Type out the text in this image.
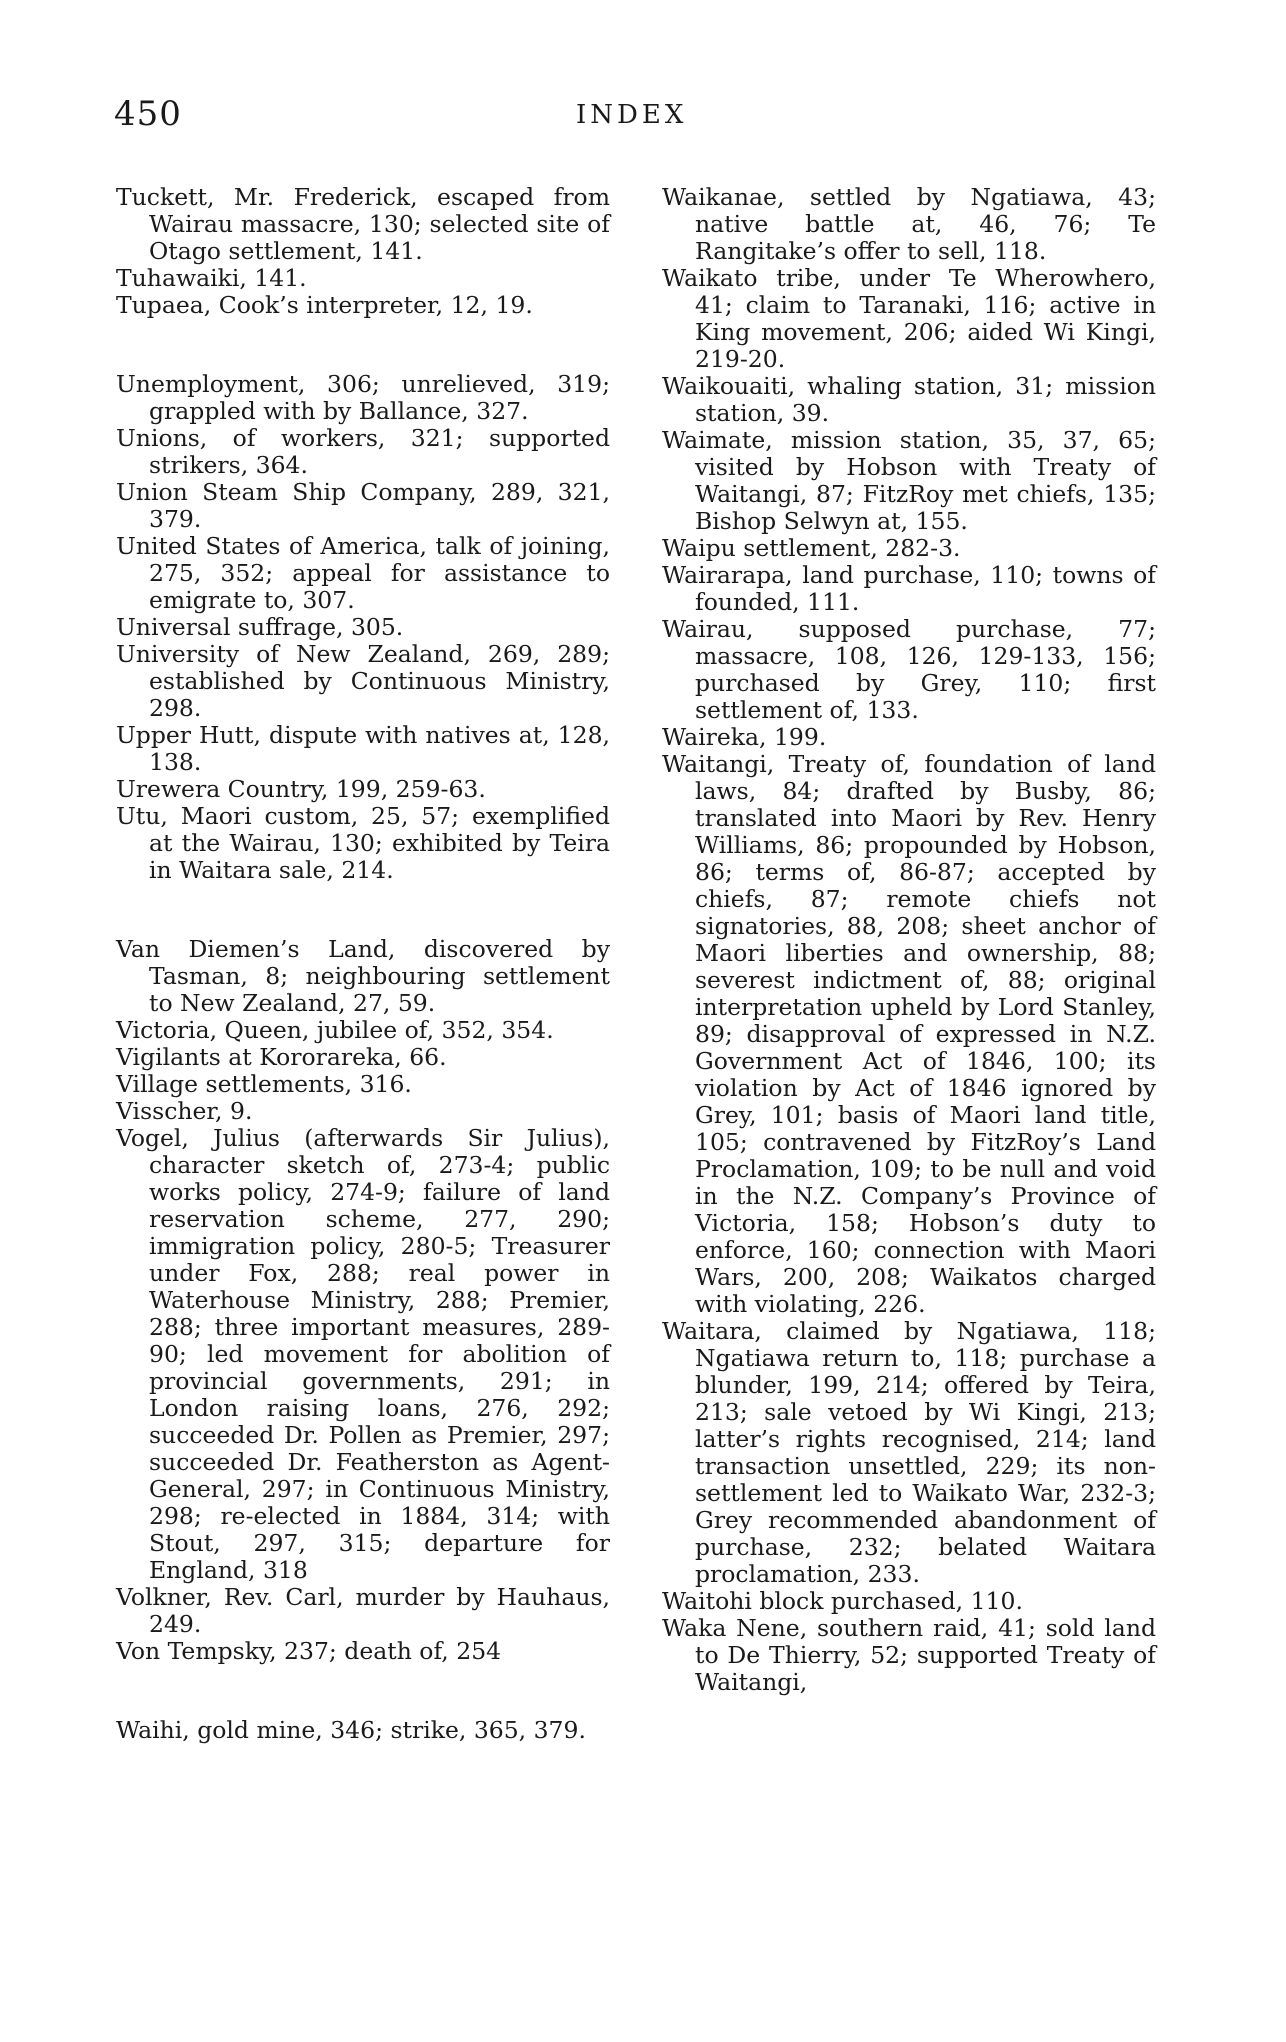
450	INDEX

Tuckett, Mr. Frederick, escaped from Wairau massacre, 130; selected site of Otago settlement, 141.

Tuhawaiki, 141.

Tupaea, Cook’s interpreter, 12, 19.

Unemployment, 306; unrelieved, 319; grappled with by Ballance, 327.

Unions, of workers, 321; supported strikers, 364.

Union Steam Ship Company, 289, 321, 379.

United States of America, talk of joining, 275, 352; appeal for assistance to emigrate to, 307.

Universal suffrage, 305.

University of New Zealand, 269, 289; established by Continuous Ministry, 298.

Upper Hutt, dispute with natives at, 128, 138.

Urewera Country, 199, 259-63.

Utu, Maori custom, 25, 57; exemplified at the Wairau, 130; exhibited by Teira in Waitara sale, 214.

Van Diemen’s Land, discovered by Tasman, 8; neighbouring settlement to New Zealand, 27, 59.

Victoria, Queen, jubilee of, 352, 354.

Vigilants at Kororareka, 66.

Village settlements, 316.

Visscher, 9.

Vogel, Julius (afterwards Sir Julius), character sketch of, 273-4; public works policy, 274-9; failure of land reservation scheme, 277, 290; immigration policy, 280-5; Treasurer under Fox, 288; real power in Waterhouse Ministry, 288; Premier, 288; three important measures, 289-90; led movement for abolition of provincial governments, 291; in London raising loans, 276, 292; succeeded Dr. Pollen as Premier, 297; succeeded Dr. Featherston as Agent-General, 297; in Continuous Ministry, 298; re-elected in 1884, 314; with Stout, 297, 315; departure for England, 318

Volkner, Rev. Carl, murder by Hauhaus, 249.

Von Tempsky, 237; death of, 254

Waihi, gold mine, 346; strike, 365, 379.

Waikanae, settled by Ngatiawa, 43; native battle at, 46, 76; Te Rangitake’s offer to sell, 118.

Waikato tribe, under Te Wherowhero, 41; claim to Taranaki, 116; active in King movement, 206; aided Wi Kingi, 219-20.

Waikouaiti, whaling station, 31; mission station, 39.

Waimate, mission station, 35, 37, 65; visited by Hobson with Treaty of Waitangi, 87; FitzRoy met chiefs, 135; Bishop Selwyn at, 155.

Waipu settlement, 282-3.

Wairarapa, land purchase, 110; towns of founded, 111.

Wairau, supposed purchase, 77; massacre, 108, 126, 129-133, 156; purchased by Grey, 110; first settlement of, 133.

Waireka, 199.

Waitangi, Treaty of, foundation of land laws, 84; drafted by Busby, 86; translated into Maori by Rev. Henry Williams, 86; propounded by Hobson, 86; terms of, 86-87; accepted by chiefs, 87; remote chiefs not signatories, 88, 208; sheet anchor of Maori liberties and ownership, 88; severest indictment of, 88; original interpretation upheld by Lord Stanley, 89; disapproval of expressed in N.Z. Government Act of 1846, 100; its violation by Act of 1846 ignored by Grey, 101; basis of Maori land title, 105; contravened by FitzRoy’s Land Proclamation, 109; to be null and void in the N.Z. Company’s Province of Victoria, 158; Hobson’s duty to enforce, 160; connection with Maori Wars, 200, 208; Waikatos charged with violating, 226.

Waitara, claimed by Ngatiawa, 118; Ngatiawa return to, 118; purchase a blunder, 199, 214; offered by Teira, 213; sale vetoed by Wi Kingi, 213; latter’s rights recognised, 214; land transaction unsettled, 229; its non-settlement led to Waikato War, 232-3; Grey recommended abandonment of purchase, 232; belated Waitara proclamation, 233.

Waitohi block purchased, 110.

Waka Nene, southern raid, 41; sold land to De Thierry, 52; supported Treaty of Waitangi,
